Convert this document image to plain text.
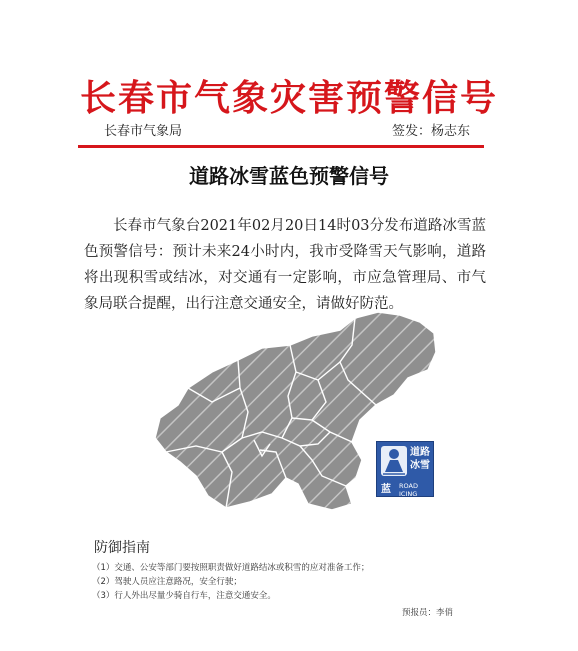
长春市气象灾害预警信号
长春市气象局	签发：杨志东
道路冰雪蓝色预警信号

长春市气象台2021年02月20日14时03分发布道路冰雪蓝色预警信号：预计未来24小时内，我市受降雪天气影响，道路将出现积雪或结冰，对交通有一定影响，市应急管理局、市气象局联合提醒，出行注意交通安全，请做好防范。

道路
冰雪
蓝 ROAD ICING
防御指南
（1）交通、公安等部门要按照职责做好道路结冰或积雪的应对准备工作；
（2）驾驶人员应注意路况，安全行驶；
（3）行人外出尽量少骑自行车，注意交通安全。
预报员：李俏
